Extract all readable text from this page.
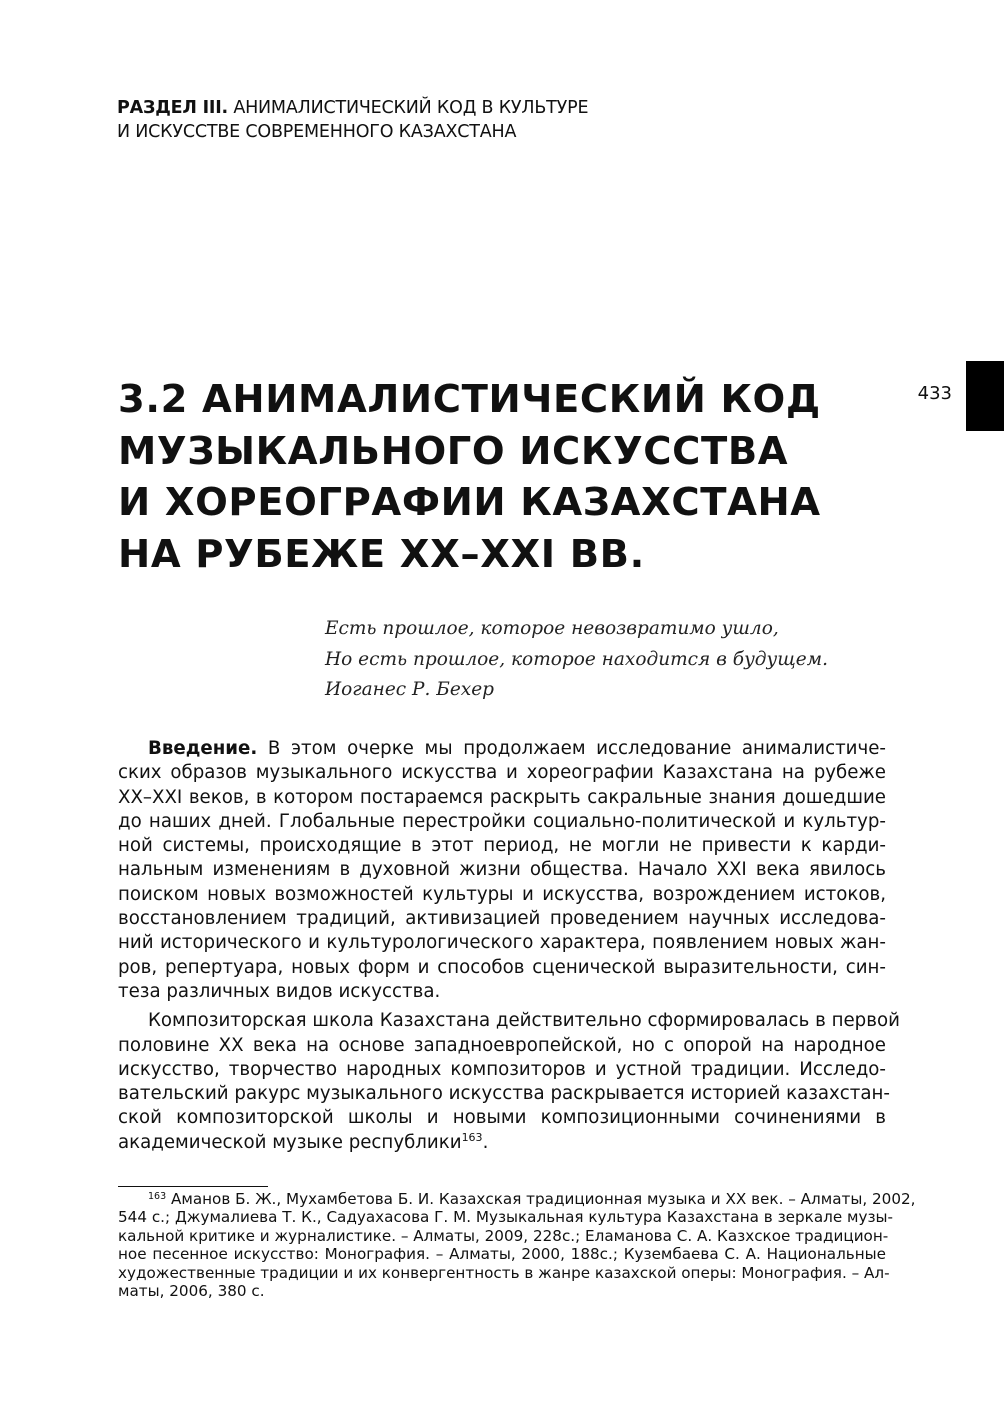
РАЗДЕЛ III. АНИМАЛИСТИЧЕСКИЙ КОД В КУЛЬТУРЕ
И ИСКУССТВЕ СОВРЕМЕННОГО КАЗАХСТАНА
433
3.2 АНИМАЛИСТИЧЕСКИЙ КОД
МУЗЫКАЛЬНОГО ИСКУССТВА
И ХОРЕОГРАФИИ КАЗАХСТАНА
НА РУБЕЖЕ XX–XXI ВВ.
Есть прошлое, которое невозвратимо ушло,
Но есть прошлое, которое находится в будущем.
Иоганес Р. Бехер

Введение. В этом очерке мы продолжаем исследование анималистиче-
ских образов музыкального искусства и хореографии Казахстана на рубеже
XX–XXI веков, в котором постараемся раскрыть сакральные знания дошедшие
до наших дней. Глобальные перестройки социально-политической и культур-
ной системы, происходящие в этот период, не могли не привести к карди-
нальным изменениям в духовной жизни общества. Начало XXI века явилось
поиском новых возможностей культуры и искусства, возрождением истоков,
восстановлением традиций, активизацией проведением научных исследова-
ний исторического и культурологического характера, появлением новых жан-
ров, репертуара, новых форм и способов сценической выразительности, син-
теза различных видов искусства.

Композиторская школа Казахстана действительно сформировалась в первой
половине XX века на основе западноевропейской, но с опорой на народное
искусство, творчество народных композиторов и устной традиции. Исследо-
вательский ракурс музыкального искусства раскрывается историей казахстан-
ской композиторской школы и новыми композиционными сочинениями в
академической музыке республики$^{163}$.

$^{163}$ Аманов Б. Ж., Мухамбетова Б. И. Казахская традиционная музыка и XX век. – Алматы, 2002,
544 с.; Джумалиева Т. К., Садуахасова Г. М. Музыкальная культура Казахстана в зеркале музы-
кальной критике и журналистике. – Алматы, 2009, 228с.; Еламанова С. А. Казхское традицион-
ное песенное искусство: Монография. – Алматы, 2000, 188с.; Кузембаева С. А. Национальные
художественные традиции и их конвергентность в жанре казахской оперы: Монография. – Ал-
маты, 2006, 380 с.
